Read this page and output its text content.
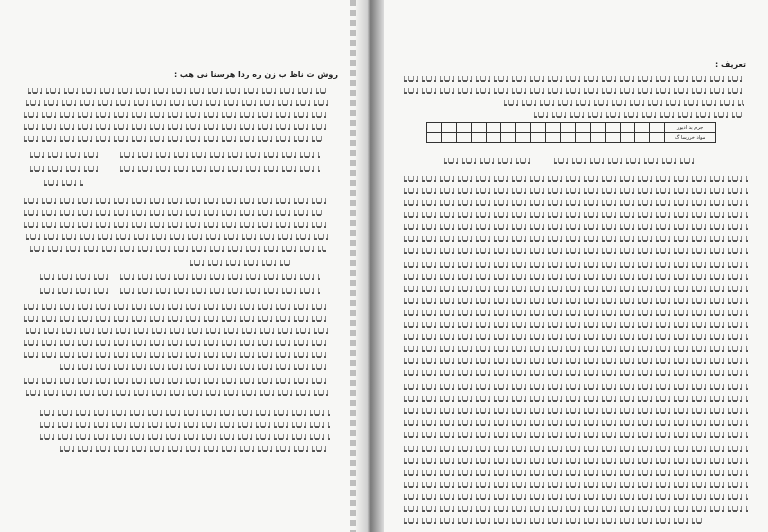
روش ت ناظ ب زن ره ردا هرسنا نی هب :
تعریف :
																جرم ید ادیور
																مواد خررسا گ
